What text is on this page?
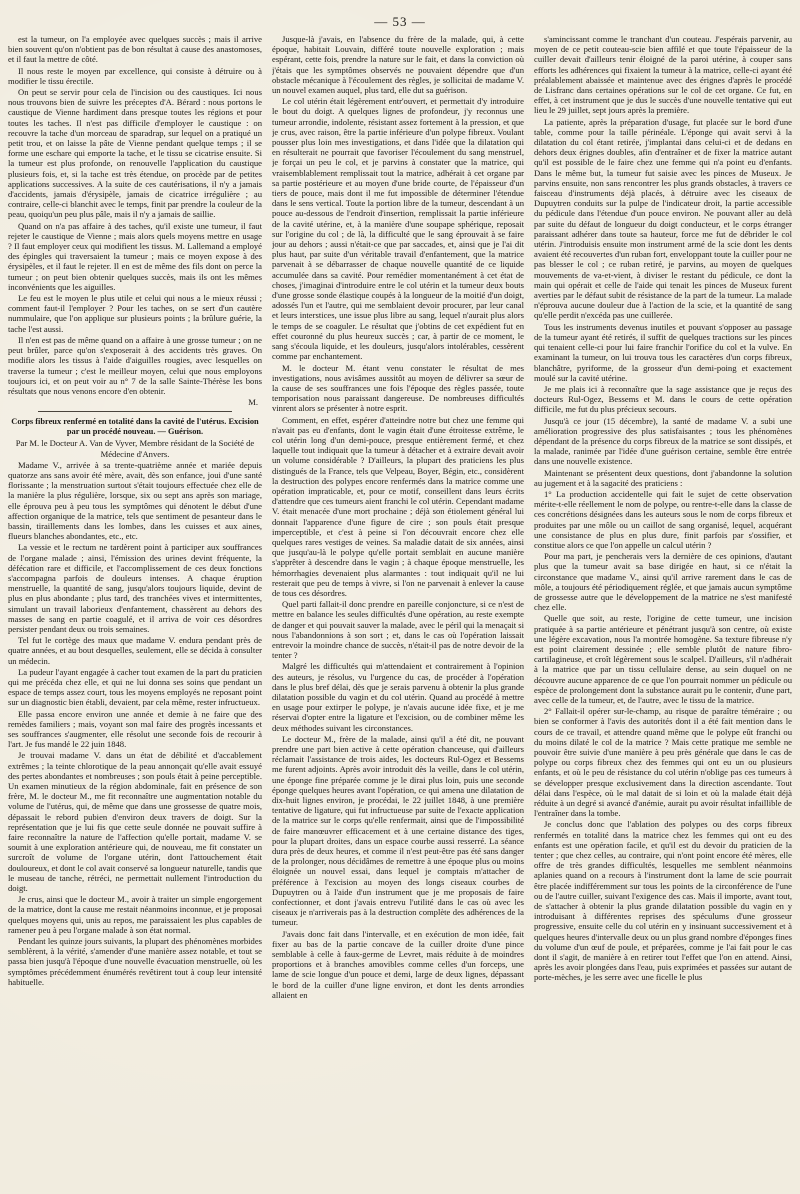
— 53 —

est la tumeur, on l'a employée avec quelques succès ; mais il arrive bien souvent qu'on n'obtient pas de bon résultat à cause des anastomoses, et il faut la mettre de côté.

Il nous reste le moyen par excellence, qui consiste à détruire ou à modifier le tissu érectile.

On peut se servir pour cela de l'incision ou des caustiques. Ici nous nous trouvons bien de suivre les préceptes d'A. Bérard : nous portons le caustique de Vienne hardiment dans presque toutes les régions et pour toutes les taches. Il n'est pas difficile d'employer le caustique : on recouvre la tache d'un morceau de sparadrap, sur lequel on a pratiqué un petit trou, et on laisse la pâte de Vienne pendant quelque temps ; il se forme une eschare qui emporte la tache, et le tissu se cicatrise ensuite. Si la tumeur est plus profonde, on renouvelle l'application du caustique plusieurs fois, et, si la tache est très étendue, on procède par de petites applications successives. A la suite de ces cautérisations, il n'y a jamais d'accidents, jamais d'érysipèle, jamais de cicatrice irrégulière ; au contraire, celle-ci blanchit avec le temps, finit par prendre la couleur de la peau, quoiqu'un peu plus pâle, mais il n'y a jamais de saillie.

Quand on n'a pas affaire à des taches, qu'il existe une tumeur, il faut rejeter le caustique de Vienne ; mais alors quels moyens mettre en usage ? Il faut employer ceux qui modifient les tissus. M. Lallemand a employé des épingles qui traversaient la tumeur ; mais ce moyen expose à des érysipèles, et il faut le rejeter. Il en est de même des fils dont on perce la tumeur ; on peut bien obtenir quelques succès, mais ils ont les mêmes inconvénients que les aiguilles.

Le feu est le moyen le plus utile et celui qui nous a le mieux réussi ; comment faut-il l'employer ? Pour les taches, on se sert d'un cautère nummulaire, que l'on applique sur plusieurs points ; la brûlure guérie, la tache l'est aussi.

Il n'en est pas de même quand on a affaire à une grosse tumeur ; on ne peut brûler, parce qu'on s'exposerait à des accidents très graves. On modifie alors les tissus à l'aide d'aiguilles rougies, avec lesquelles on traverse la tumeur ; c'est le meilleur moyen, celui que nous employons toujours ici, et on peut voir au n° 7 de la salle Sainte-Thérèse les bons résultats que nous venons encore d'en obtenir.

M.

Corps fibreux renfermé en totalité dans la cavité de l'utérus. Excision par un procédé nouveau. — Guérison.

Par M. le Docteur A. Van de Vyver, Membre résidant de la Société de Médecine d'Anvers.

Madame V., arrivée à sa trente-quatrième année et mariée depuis quatorze ans sans avoir été mère, avait, dès son enfance, joui d'une santé florissante ; la menstruation surtout s'était toujours effectuée chez elle de la manière la plus régulière, lorsque, six ou sept ans après son mariage, elle éprouva peu à peu tous les symptômes qui dénotent le début d'une affection organique de la matrice, tels que sentiment de pesanteur dans le bassin, tiraillements dans les lombes, dans les cuisses et aux aines, flueurs blanches abondantes, etc., etc.

La vessie et le rectum ne tardèrent point à participer aux souffrances de l'organe malade ; ainsi, l'émission des urines devint fréquente, la défécation rare et difficile, et l'accomplissement de ces deux fonctions s'accompagna parfois de douleurs intenses. A chaque éruption menstruelle, la quantité de sang, jusqu'alors toujours liquide, devint de plus en plus abondante ; plus tard, des tranchées vives et intermittentes, simulant un travail laborieux d'enfantement, chassèrent au dehors des masses de sang en partie coagulé, et il arriva de voir ces désordres persister pendant deux ou trois semaines.

Tel fut le cortège des maux que madame V. endura pendant près de quatre années, et au bout desquelles, seulement, elle se décida à consulter un médecin.

La pudeur l'ayant engagée à cacher tout examen de la part du praticien qui me précéda chez elle, et qui ne lui donna ses soins que pendant un espace de temps assez court, tous les moyens employés ne reposant point sur un diagnostic bien établi, devaient, par cela même, rester infructueux.

Elle passa encore environ une année et demie à ne faire que des remèdes familiers ; mais, voyant son mal faire des progrès incessants et ses souffrances s'augmenter, elle résolut une seconde fois de recourir à l'art. Je fus mandé le 22 juin 1848.

Je trouvai madame V. dans un état de débilité et d'accablement extrêmes ; la teinte chlorotique de la peau annonçait qu'elle avait essuyé des pertes abondantes et nombreuses ; son pouls était à peine perceptible. Un examen minutieux de la région abdominale, fait en présence de son frère, M. le docteur M., me fit reconnaître une augmentation notable du volume de l'utérus, qui, de même que dans une grossesse de quatre mois, dépassait le rebord pubien d'environ deux travers de doigt. Sur la représentation que je lui fis que cette seule donnée ne pouvait suffire à faire reconnaître la nature de l'affection qu'elle portait, madame V. se soumit à une exploration antérieure qui, de nouveau, me fit constater un surcroît de volume de l'organe utérin, dont l'attouchement était douloureux, et dont le col avait conservé sa longueur naturelle, tandis que le museau de tanche, rétréci, ne permettait nullement l'introduction du doigt.

Je crus, ainsi que le docteur M., avoir à traiter un simple engorgement de la matrice, dont la cause me restait néanmoins inconnue, et je proposai quelques moyens qui, unis au repos, me paraissaient les plus capables de ramener peu à peu l'organe malade à son état normal.

Pendant les quinze jours suivants, la plupart des phénomènes morbides semblèrent, à la vérité, s'amender d'une manière assez notable, et tout se passa bien jusqu'à l'époque d'une nouvelle évacuation menstruelle, où les symptômes précédemment énumérés revêtirent tout à coup leur intensité habituelle.

Jusque-là j'avais, en l'absence du frère de la malade, qui, à cette époque, habitait Louvain, différé toute nouvelle exploration ; mais espérant, cette fois, prendre la nature sur le fait, et dans la conviction où j'étais que les symptômes observés ne pouvaient dépendre que d'un obstacle mécanique à l'écoulement des règles, je sollicitai de madame V. un nouvel examen auquel, plus tard, elle dut sa guérison.

Le col utérin était légèrement entr'ouvert, et permettait d'y introduire le bout du doigt. A quelques lignes de profondeur, j'y reconnus une tumeur arrondie, indolente, résistant assez fortement à la pression, et que je crus, avec raison, être la partie inférieure d'un polype fibreux. Voulant pousser plus loin mes investigations, et dans l'idée que la dilatation qui en résulterait ne pourrait que favoriser l'écoulement du sang menstruel, je forçai un peu le col, et je parvins à constater que la matrice, qui vraisemblablement remplissait tout la matrice, adhérait à cet organe par sa partie postérieure et au moyen d'une bride courte, de l'épaisseur d'un tiers de pouce, mais dont il me fut impossible de déterminer l'étendue dans le sens vertical. Toute la portion libre de la tumeur, descendant à un pouce au-dessous de l'endroit d'insertion, remplissait la partie inférieure de la cavité utérine, et, à la manière d'une soupape sphérique, reposait sur l'origine du col ; de là, la difficulté que le sang éprouvait à se faire jour au dehors ; aussi n'était-ce que par saccades, et, ainsi que je l'ai dit plus haut, par suite d'un véritable travail d'enfantement, que la matrice parvenait à se débarrasser de chaque nouvelle quantité de ce liquide accumulée dans sa cavité. Pour remédier momentanément à cet état de choses, j'imaginai d'introduire entre le col utérin et la tumeur deux bouts d'une grosse sonde élastique coupés à la longueur de la moitié d'un doigt, adossés l'un et l'autre, qui me semblaient devoir procurer, par leur canal et leurs interstices, une issue plus libre au sang, lequel n'aurait plus alors le temps de se coaguler. Le résultat que j'obtins de cet expédient fut en effet couronné du plus heureux succès ; car, à partir de ce moment, le sang s'écoula liquide, et les douleurs, jusqu'alors intolérables, cessèrent comme par enchantement.

M. le docteur M. étant venu constater le résultat de mes investigations, nous avisâmes aussitôt au moyen de délivrer sa sœur de la cause de ses souffrances une fois l'époque des règles passée, toute temporisation nous paraissant dangereuse. De nombreuses difficultés vinrent alors se présenter à notre esprit.

Comment, en effet, espérer d'atteindre notre but chez une femme qui n'avait pas eu d'enfants, dont le vagin était d'une étroitesse extrême, le col utérin long d'un demi-pouce, presque entièrement fermé, et chez laquelle tout indiquait que la tumeur à détacher et à extraire devait avoir un volume considérable ? D'ailleurs, la plupart des praticiens les plus distingués de la France, tels que Velpeau, Boyer, Bégin, etc., considèrent la destruction des polypes encore renfermés dans la matrice comme une opération impraticable, et, pour ce motif, conseillent dans leurs écrits d'attendre que ces tumeurs aient franchi le col utérin. Cependant madame V. était menacée d'une mort prochaine ; déjà son étiolement général lui donnait l'apparence d'une figure de cire ; son pouls était presque imperceptible, et c'est à peine si l'on découvrait encore chez elle quelques rares vestiges de veines. Sa maladie datait de six années, ainsi que jusqu'au-là le polype qu'elle portait semblait en aucune manière s'apprêter à descendre dans le vagin ; à chaque époque menstruelle, les hémorrhagies devenaient plus alarmantes : tout indiquait qu'il ne lui resterait que peu de temps à vivre, si l'on ne parvenait à enlever la cause de tous ces désordres.

Quel parti fallait-il donc prendre en pareille conjoncture, si ce n'est de mettre en balance les seules difficultés d'une opération, au reste exempte de danger et qui pouvait sauver la malade, avec le péril qui la menaçait si nous l'abandonnions à son sort ; et, dans le cas où l'opération laissait entrevoir la moindre chance de succès, n'était-il pas de notre devoir de la tenter ?

Malgré les difficultés qui m'attendaient et contrairement à l'opinion des auteurs, je résolus, vu l'urgence du cas, de procéder à l'opération dans le plus bref délai, dès que je serais parvenu à obtenir la plus grande dilatation possible du vagin et du col utérin. Quand au procédé à mettre en usage pour extirper le polype, je n'avais aucune idée fixe, et je me réservai d'opter entre la ligature et l'excision, ou de combiner même les deux méthodes suivant les circonstances.

Le docteur M., frère de la malade, ainsi qu'il a été dit, ne pouvant prendre une part bien active à cette opération chanceuse, qui d'ailleurs réclamait l'assistance de trois aides, les docteurs Rul-Ogez et Bessems me furent adjoints. Après avoir introduit dès la veille, dans le col utérin, une éponge fine préparée comme je le dirai plus loin, puis une seconde éponge quelques heures avant l'opération, ce qui amena une dilatation de dix-huit lignes environ, je procédai, le 22 juillet 1848, à une première tentative de ligature, qui fut infructueuse par suite de l'exacte application de la matrice sur le corps qu'elle renfermait, ainsi que de l'impossibilité de faire manœuvrer efficacement et à une certaine distance des tiges, pour la plupart droites, dans un espace courbe aussi resserré. La séance dura près de deux heures, et comme il n'est peut-être pas été sans danger de la prolonger, nous décidâmes de remettre à une époque plus ou moins éloignée un nouvel essai, dans lequel je comptais m'attacher de préférence à l'excision au moyen des longs ciseaux courbes de Dupuytren ou à l'aide d'un instrument que je me proposais de faire confectionner, et dont j'avais entrevu l'utilité dans le cas où avec les ciseaux je n'arriverais pas à la destruction complète des adhérences de la tumeur.

J'avais donc fait dans l'intervalle, et en exécution de mon idée, fait fixer au bas de la partie concave de la cuiller droite d'une pince semblable à celle à faux-germe de Levret, mais réduite à de moindres proportions et à branches amovibles comme celles d'un forceps, une lame de scie longue d'un pouce et demi, large de deux lignes, dépassant le bord de la cuiller d'une ligne environ, et dont les dents arrondies allaient en

s'amincissant comme le tranchant d'un couteau. J'espérais parvenir, au moyen de ce petit couteau-scie bien affilé et que toute l'épaisseur de la cuiller devait d'ailleurs tenir éloigné de la paroi utérine, à couper sans efforts les adhérences qui fixaient la tumeur à la matrice, celle-ci ayant été préalablement abaissée et maintenue avec des érignes d'après le procédé de Lisfranc dans certaines opérations sur le col de cet organe. Ce fut, en effet, à cet instrument que je dus le succès d'une nouvelle tentative qui eut lieu le 29 juillet, sept jours après la première.

La patiente, après la préparation d'usage, fut placée sur le bord d'une table, comme pour la taille périnéale. L'éponge qui avait servi à la dilatation du col étant retirée, j'implantai dans celui-ci et de dedans en dehors deux érignes doubles, afin d'entraîner et de fixer la matrice autant qu'il est possible de le faire chez une femme qui n'a point eu d'enfants. Dans le même but, la tumeur fut saisie avec les pinces de Museux. Je parvins ensuite, non sans rencontrer les plus grands obstacles, à travers ce faisceau d'instruments déjà placés, à détruire avec les ciseaux de Dupuytren conduits sur la pulpe de l'indicateur droit, la partie accessible du pédicule dans l'étendue d'un pouce environ. Ne pouvant aller au delà par suite du défaut de longueur du doigt conducteur, et le corps étranger paraissant adhérer dans toute sa hauteur, force me fut de débrider le col utérin. J'introduisis ensuite mon instrument armé de la scie dont les dents avaient été recouvertes d'un ruban fort, enveloppant toute la cuiller pour ne pas blesser le col ; ce ruban retiré, je parvins, au moyen de quelques mouvements de va-et-vient, à diviser le restant du pédicule, ce dont la main qui opérait et celle de l'aide qui tenait les pinces de Museux furent averties par le défaut subit de résistance de la part de la tumeur. La malade n'éprouva aucune douleur due à l'action de la scie, et la quantité de sang qu'elle perdit n'excéda pas une cuillerée.

Tous les instruments devenus inutiles et pouvant s'opposer au passage de la tumeur ayant été retirés, il suffit de quelques tractions sur les pinces qui tenaient celle-ci pour lui faire franchir l'orifice du col et la vulve. En examinant la tumeur, on lui trouva tous les caractères d'un corps fibreux, blanchâtre, pyriforme, de la grosseur d'un demi-poing et exactement moulé sur la cavité utérine.

Je me plais ici à reconnaître que la sage assistance que je reçus des docteurs Rul-Ogez, Bessems et M. dans le cours de cette opération difficile, me fut du plus précieux secours.

Jusqu'à ce jour (15 décembre), la santé de madame V. a subi une amélioration progressive des plus satisfaisantes ; tous les phénomènes dépendant de la présence du corps fibreux de la matrice se sont dissipés, et la malade, ranimée par l'idée d'une guérison certaine, semble être entrée dans une nouvelle existence.

Maintenant se présentent deux questions, dont j'abandonne la solution au jugement et à la sagacité des praticiens :

1° La production accidentelle qui fait le sujet de cette observation mérite-t-elle réellement le nom de polype, ou rentre-t-elle dans la classe de ces concrétions désignées dans les auteurs sous le nom de corps fibreux et produites par une môle ou un caillot de sang organisé, lequel, acquérant une consistance de plus en plus dure, finit parfois par s'ossifier, et constitue alors ce que l'on appelle un calcul utérin ?

Pour ma part, je pencherais vers la dernière de ces opinions, d'autant plus que la tumeur avait sa base dirigée en haut, si ce n'était la circonstance que madame V., ainsi qu'il arrive rarement dans le cas de môle, a toujours été périodiquement réglée, et que jamais aucun symptôme de grossesse autre que le développement de la matrice ne s'est manifesté chez elle.

Quelle que soit, au reste, l'origine de cette tumeur, une incision pratiquée à sa partie antérieure et pénétrant jusqu'à son centre, où existe une légère excavation, nous l'a montrée homogène. Sa texture fibreuse n'y est point clairement dessinée ; elle semble plutôt de nature fibro-cartilagineuse, et croît légèrement sous le scalpel. D'ailleurs, s'il n'adhérait à la matrice que par un tissu cellulaire dense, au sein duquel on ne découvre aucune apparence de ce que l'on pourrait nommer un pédicule ou espèce de prolongement dont la substance aurait pu le contenir, d'une part, avec celle de la tumeur, et, de l'autre, avec le tissu de la matrice.

2° Fallait-il opérer sur-le-champ, au risque de paraître téméraire ; ou bien se conformer à l'avis des autorités dont il a été fait mention dans le cours de ce travail, et attendre quand même que le polype eût franchi ou du moins dilaté le col de la matrice ? Mais cette pratique me semble ne pouvoir être suivie d'une manière à peu près générale que dans le cas de polype ou corps fibreux chez des femmes qui ont eu un ou plusieurs enfants, et où le peu de résistance du col utérin n'oblige pas ces tumeurs à se développer presque exclusivement dans la direction ascendante. Tout délai dans l'espèce, où le mal datait de si loin et où la malade était déjà réduite à un degré si avancé d'anémie, aurait pu avoir résultat infaillible de l'entraîner dans la tombe.

Je conclus donc que l'ablation des polypes ou des corps fibreux renfermés en totalité dans la matrice chez les femmes qui ont eu des enfants est une opération facile, et qu'il est du devoir du praticien de la tenter ; que chez celles, au contraire, qui n'ont point encore été mères, elle offre de très grandes difficultés, lesquelles me semblent néanmoins aplanies quand on a recours à l'instrument dont la lame de scie pourrait être placée indifféremment sur tous les points de la circonférence de l'une ou de l'autre cuiller, suivant l'exigence des cas. Mais il importe, avant tout, de s'attacher à obtenir la plus grande dilatation possible du vagin en y introduisant à différentes reprises des spéculums d'une grosseur progressive, ensuite celle du col utérin en y insinuant successivement et à quelques heures d'intervalle deux ou un plus grand nombre d'éponges fines du volume d'un œuf de poule, et préparées, comme je l'ai fait pour le cas dont il s'agit, de manière à en retirer tout l'effet que l'on en attend. Ainsi, après les avoir plongées dans l'eau, puis exprimées et passées sur autant de porte-mèches, je les serre avec une ficelle le plus
